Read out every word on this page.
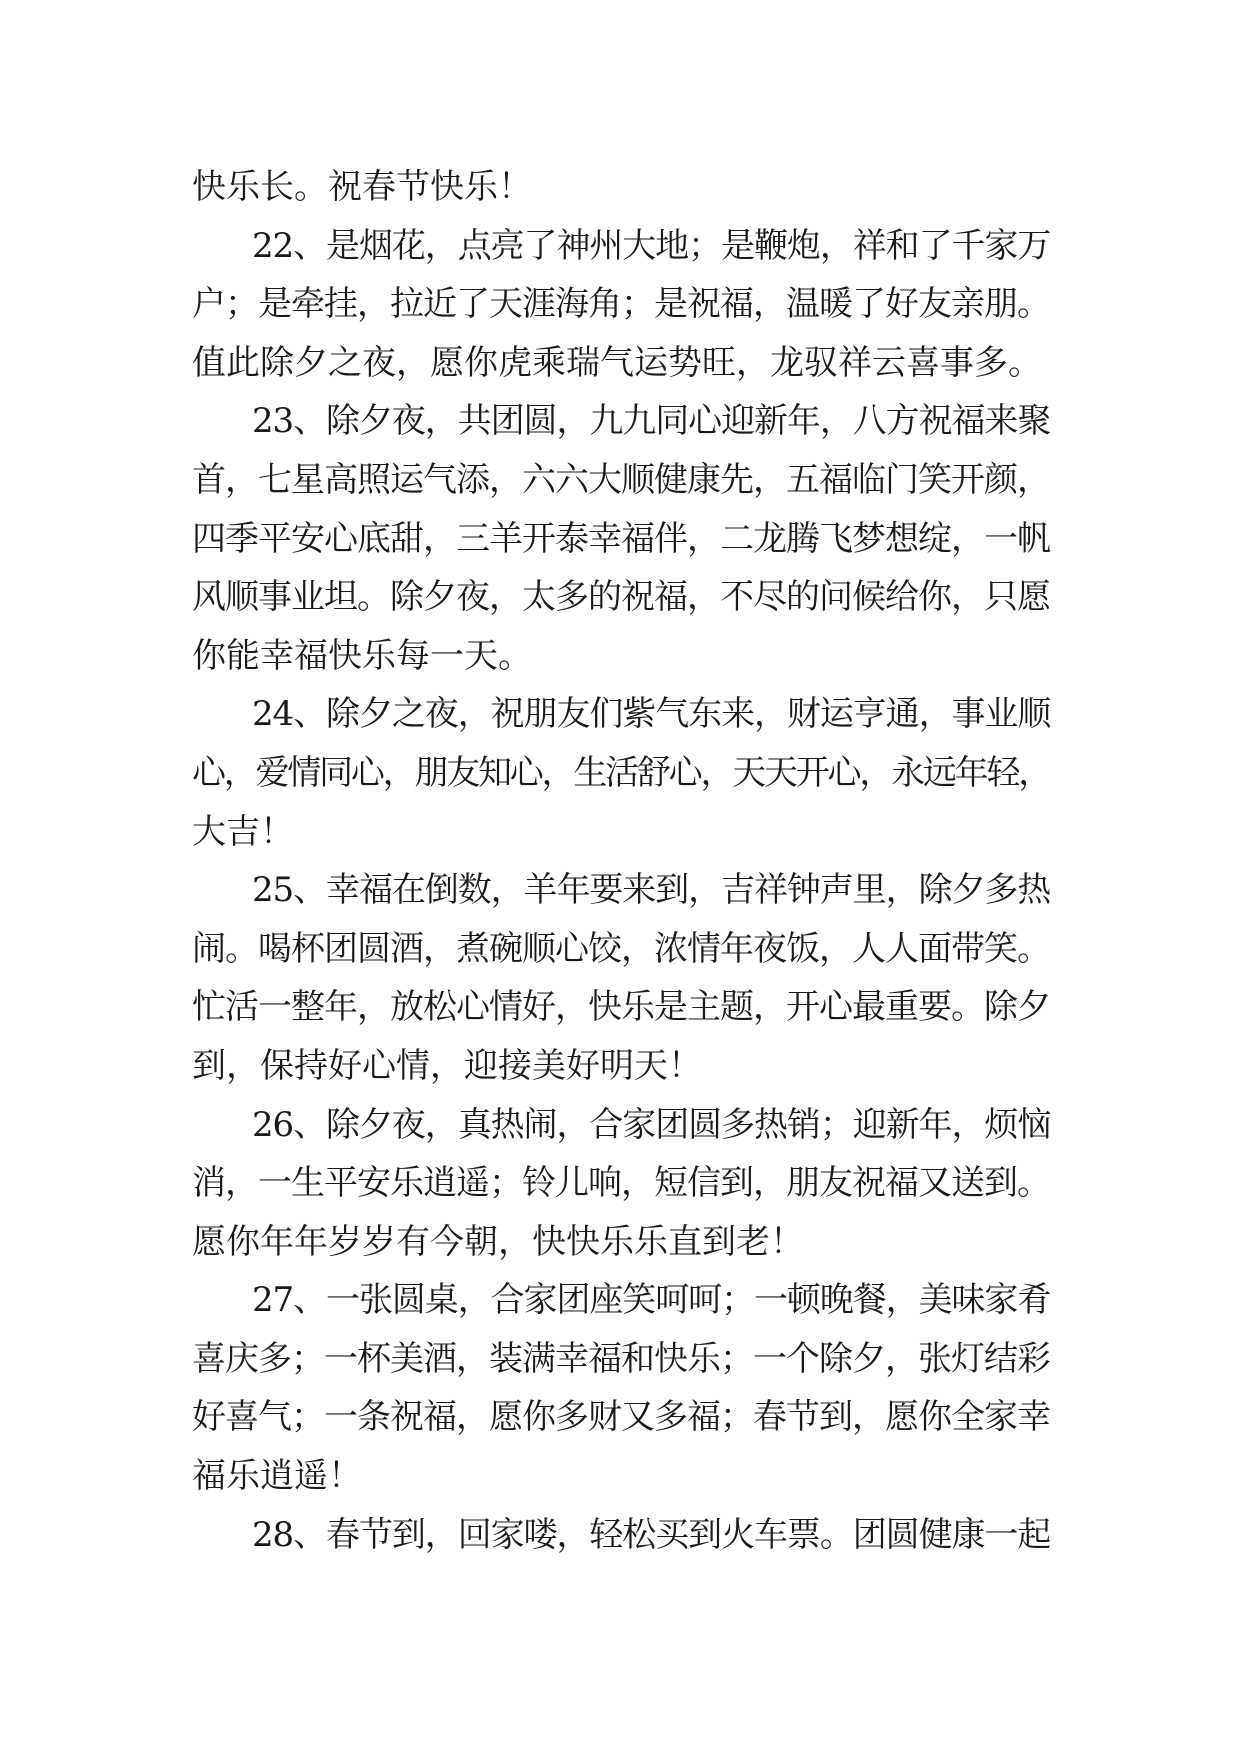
快乐长。祝春节快乐！
22、是烟花，点亮了神州大地；是鞭炮，祥和了千家万
户；是牵挂，拉近了天涯海角；是祝福，温暖了好友亲朋。
值此除夕之夜，愿你虎乘瑞气运势旺，龙驭祥云喜事多。
23、除夕夜，共团圆，九九同心迎新年，八方祝福来聚
首，七星高照运气添，六六大顺健康先，五福临门笑开颜，
四季平安心底甜，三羊开泰幸福伴，二龙腾飞梦想绽，一帆
风顺事业坦。除夕夜，太多的祝福，不尽的问候给你，只愿
你能幸福快乐每一天。
24、除夕之夜，祝朋友们紫气东来，财运亨通，事业顺
心，爱情同心，朋友知心，生活舒心，天天开心，永远年轻，
大吉！
25、幸福在倒数，羊年要来到，吉祥钟声里，除夕多热
闹。喝杯团圆酒，煮碗顺心饺，浓情年夜饭，人人面带笑。
忙活一整年，放松心情好，快乐是主题，开心最重要。除夕
到，保持好心情，迎接美好明天！
26、除夕夜，真热闹，合家团圆多热销；迎新年，烦恼
消，一生平安乐逍遥；铃儿响，短信到，朋友祝福又送到。
愿你年年岁岁有今朝，快快乐乐直到老！
27、一张圆桌，合家团座笑呵呵；一顿晚餐，美味家肴
喜庆多；一杯美酒，装满幸福和快乐；一个除夕，张灯结彩
好喜气；一条祝福，愿你多财又多福；春节到，愿你全家幸
福乐逍遥！
28、春节到，回家喽，轻松买到火车票。团圆健康一起
